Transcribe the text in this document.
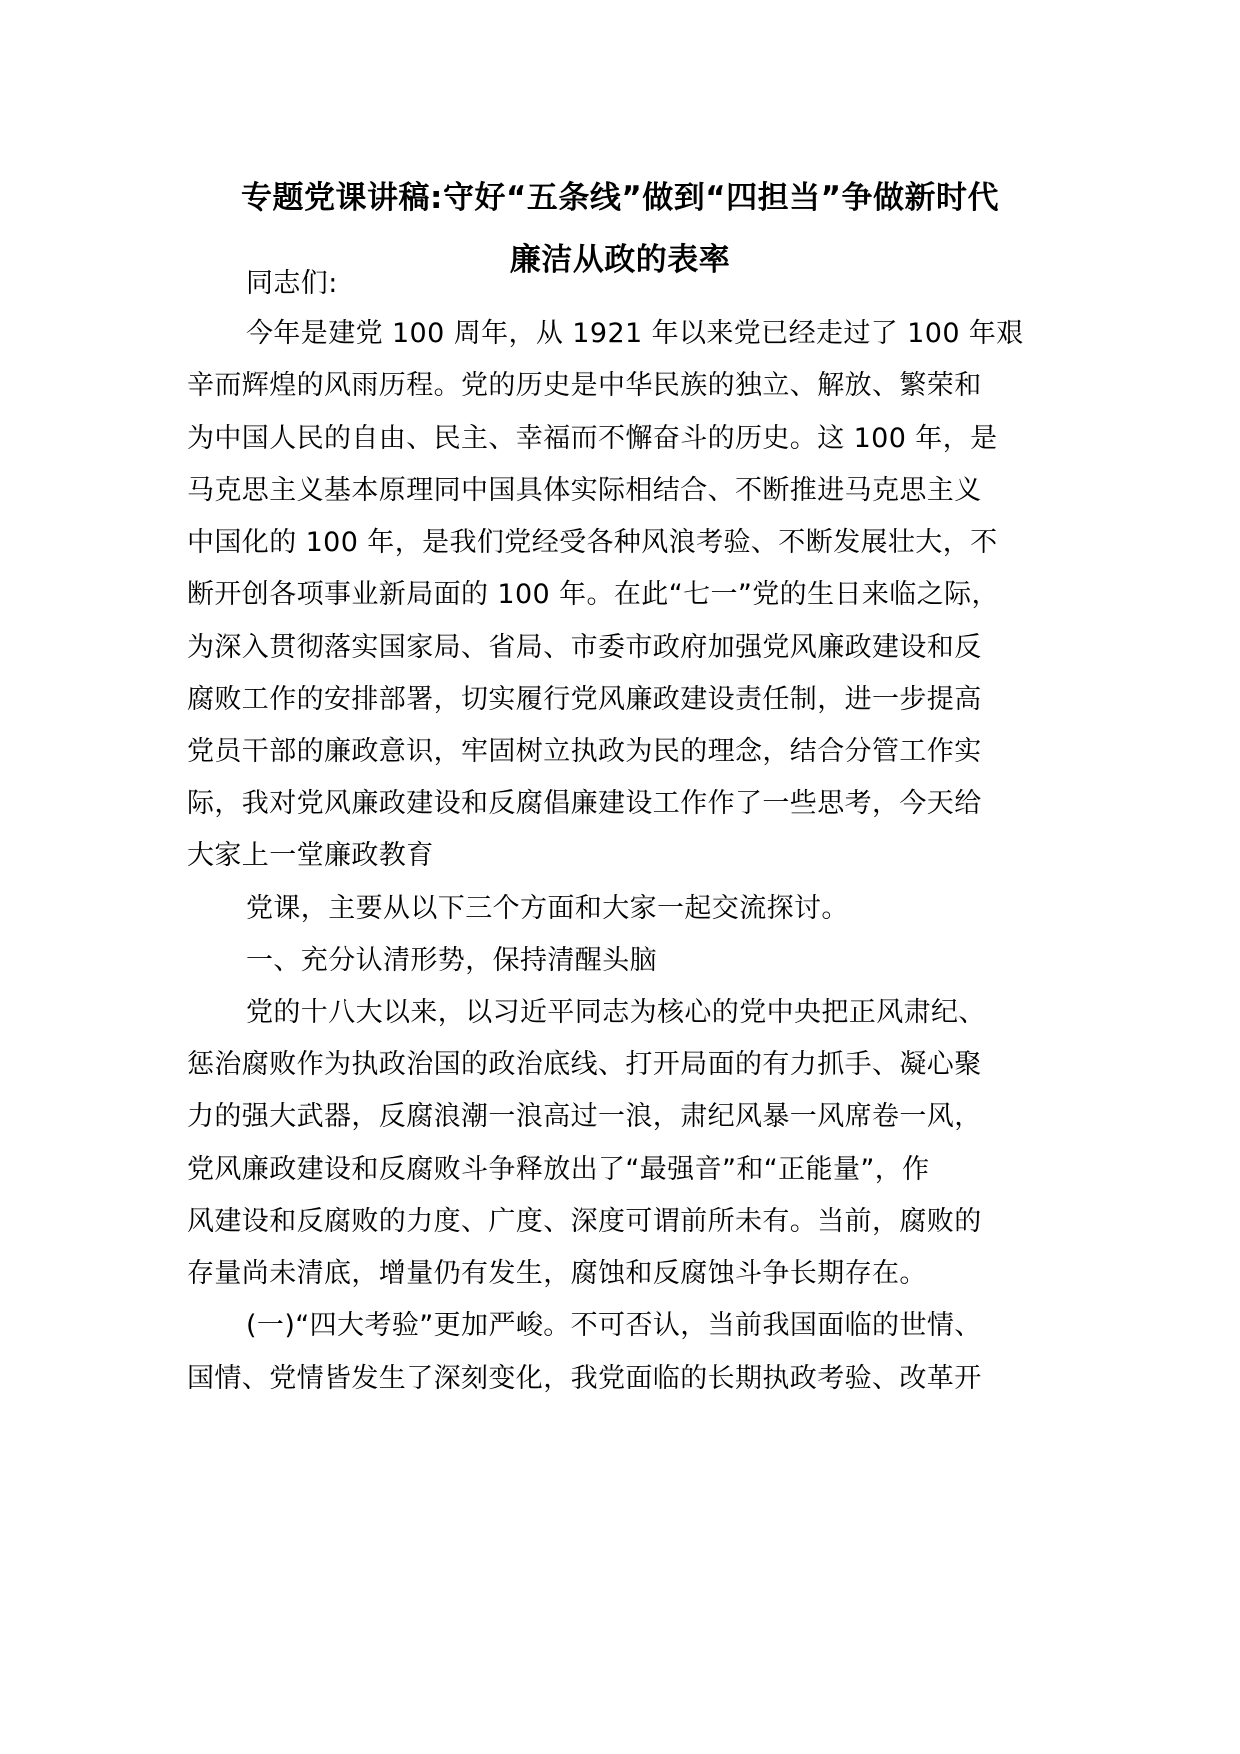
专题党课讲稿:守好“五条线”做到“四担当”争做新时代
廉洁从政的表率
同志们:
今年是建党 100 周年，从 1921 年以来党已经走过了 100 年艰
辛而辉煌的风雨历程。党的历史是中华民族的独立、解放、繁荣和
为中国人民的自由、民主、幸福而不懈奋斗的历史。这 100 年，是
马克思主义基本原理同中国具体实际相结合、不断推进马克思主义
中国化的 100 年，是我们党经受各种风浪考验、不断发展壮大，不
断开创各项事业新局面的 100 年。在此“七一”党的生日来临之际，
为深入贯彻落实国家局、省局、市委市政府加强党风廉政建设和反
腐败工作的安排部署，切实履行党风廉政建设责任制，进一步提高
党员干部的廉政意识，牢固树立执政为民的理念，结合分管工作实
际，我对党风廉政建设和反腐倡廉建设工作作了一些思考，今天给
大家上一堂廉政教育
党课，主要从以下三个方面和大家一起交流探讨。
一、充分认清形势，保持清醒头脑
党的十八大以来，以习近平同志为核心的党中央把正风肃纪、
惩治腐败作为执政治国的政治底线、打开局面的有力抓手、凝心聚
力的强大武器，反腐浪潮一浪高过一浪，肃纪风暴一风席卷一风，
党风廉政建设和反腐败斗争释放出了“最强音”和“正能量”，作
风建设和反腐败的力度、广度、深度可谓前所未有。当前，腐败的
存量尚未清底，增量仍有发生，腐蚀和反腐蚀斗争长期存在。
(一)“四大考验”更加严峻。不可否认，当前我国面临的世情、
国情、党情皆发生了深刻变化，我党面临的长期执政考验、改革开
